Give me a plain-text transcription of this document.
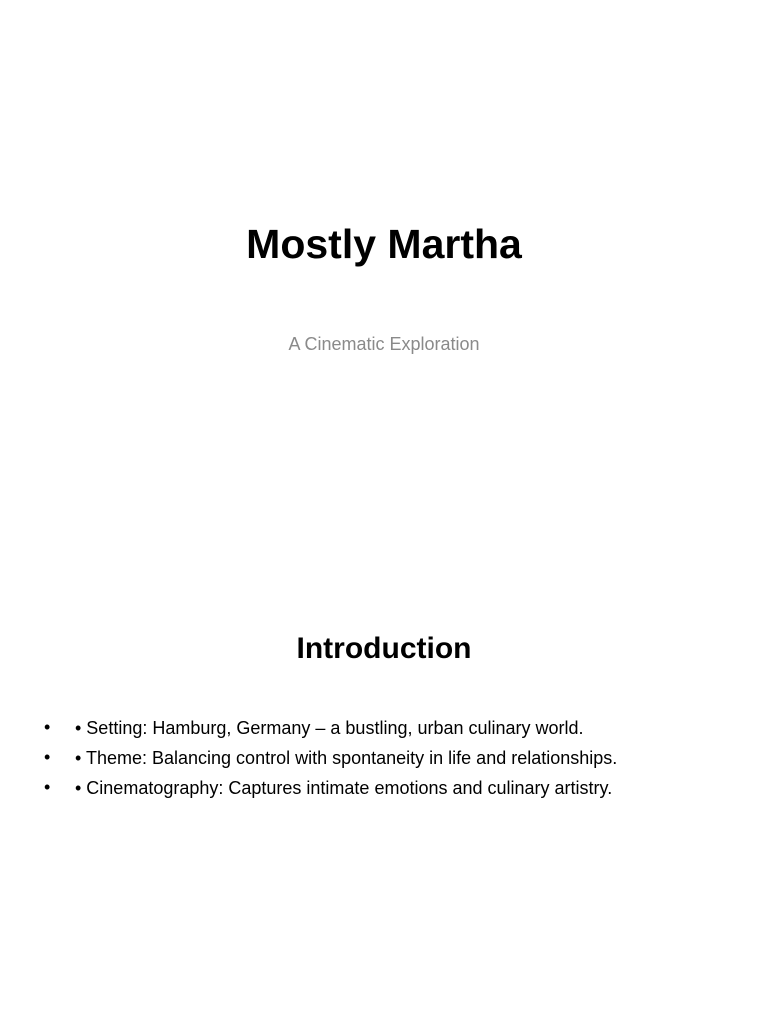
Mostly Martha

A Cinematic Exploration

Introduction
• • Setting: Hamburg, Germany – a bustling, urban culinary world.
• • Theme: Balancing control with spontaneity in life and relationships.
• • Cinematography: Captures intimate emotions and culinary artistry.
